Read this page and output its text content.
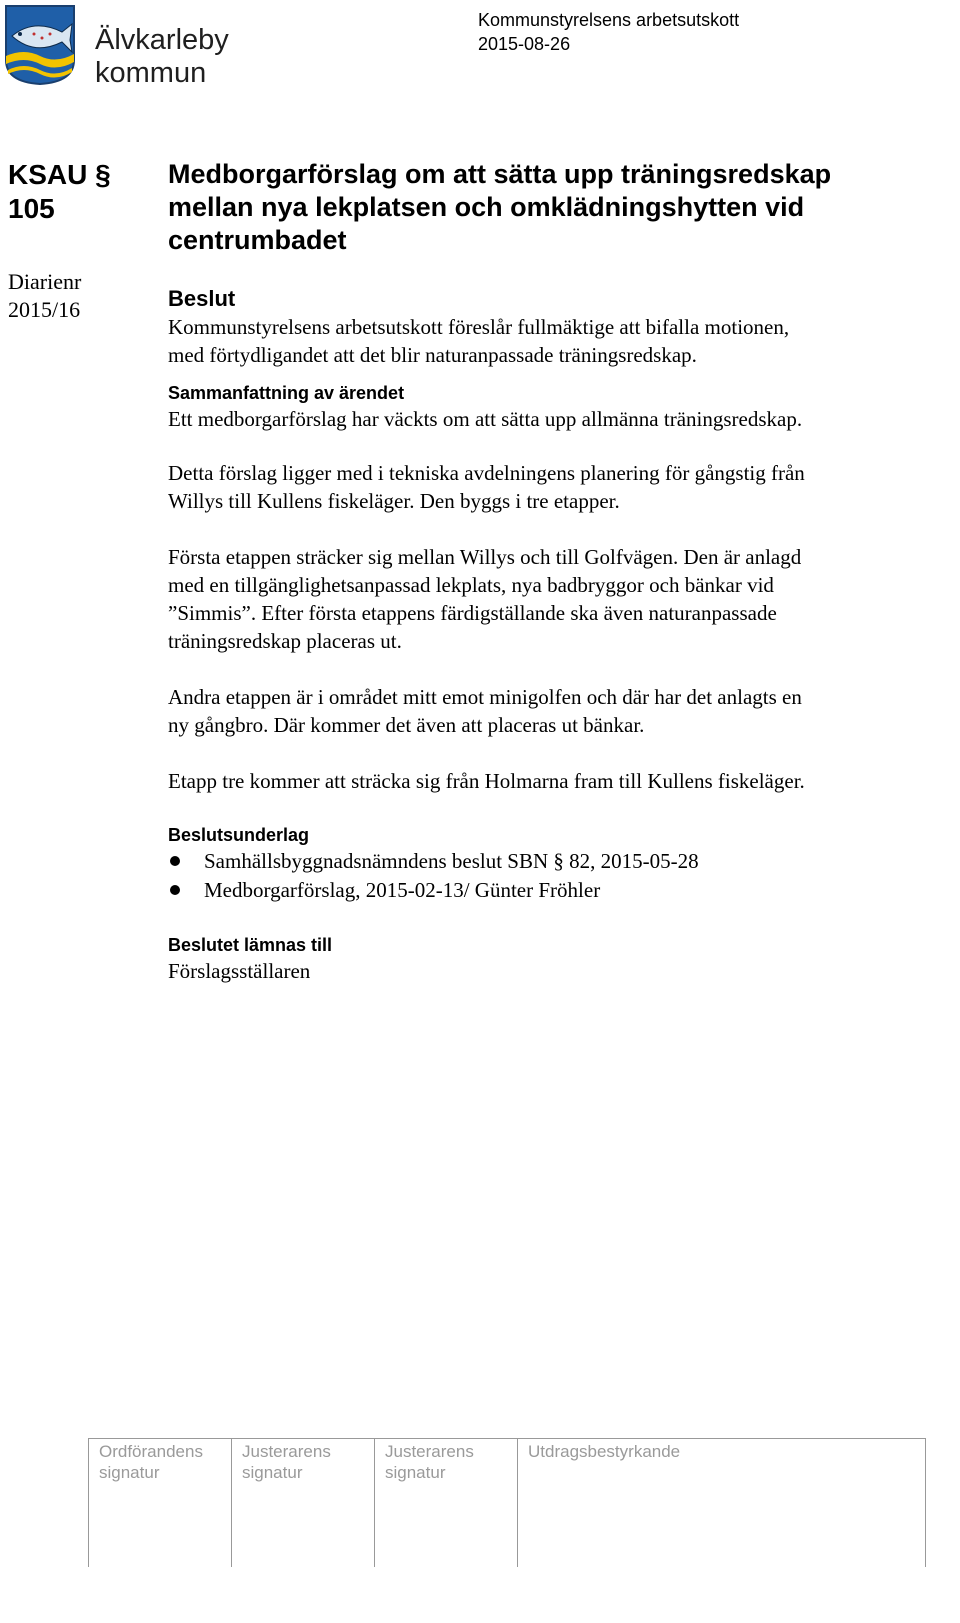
Älvkarleby
kommun
Kommunstyrelsens arbetsutskott
2015-08-26
KSAU §
105
Diarienr
2015/16
Medborgarförslag om att sätta upp träningsredskap
mellan nya lekplatsen och omklädningshytten vid
centrumbadet
Beslut
Kommunstyrelsens arbetsutskott föreslår fullmäktige att bifalla motionen,
med förtydligandet att det blir naturanpassade träningsredskap.
Sammanfattning av ärendet
Ett medborgarförslag har väckts om att sätta upp allmänna träningsredskap.
Detta förslag ligger med i tekniska avdelningens planering för gångstig från
Willys till Kullens fiskeläger. Den byggs i tre etapper.
Första etappen sträcker sig mellan Willys och till Golfvägen. Den är anlagd
med en tillgänglighetsanpassad lekplats, nya badbryggor och bänkar vid
”Simmis”. Efter första etappens färdigställande ska även naturanpassade
träningsredskap placeras ut.
Andra etappen är i området mitt emot minigolfen och där har det anlagts en
ny gångbro. Där kommer det även att placeras ut bänkar.
Etapp tre kommer att sträcka sig från Holmarna fram till Kullens fiskeläger.
Beslutsunderlag
Samhällsbyggnadsnämndens beslut SBN § 82, 2015-05-28
Medborgarförslag, 2015-02-13/ Günter Fröhler
Beslutet lämnas till
Förslagsställaren
Ordförandens
signatur
Justerarens
signatur
Justerarens
signatur
Utdragsbestyrkande
